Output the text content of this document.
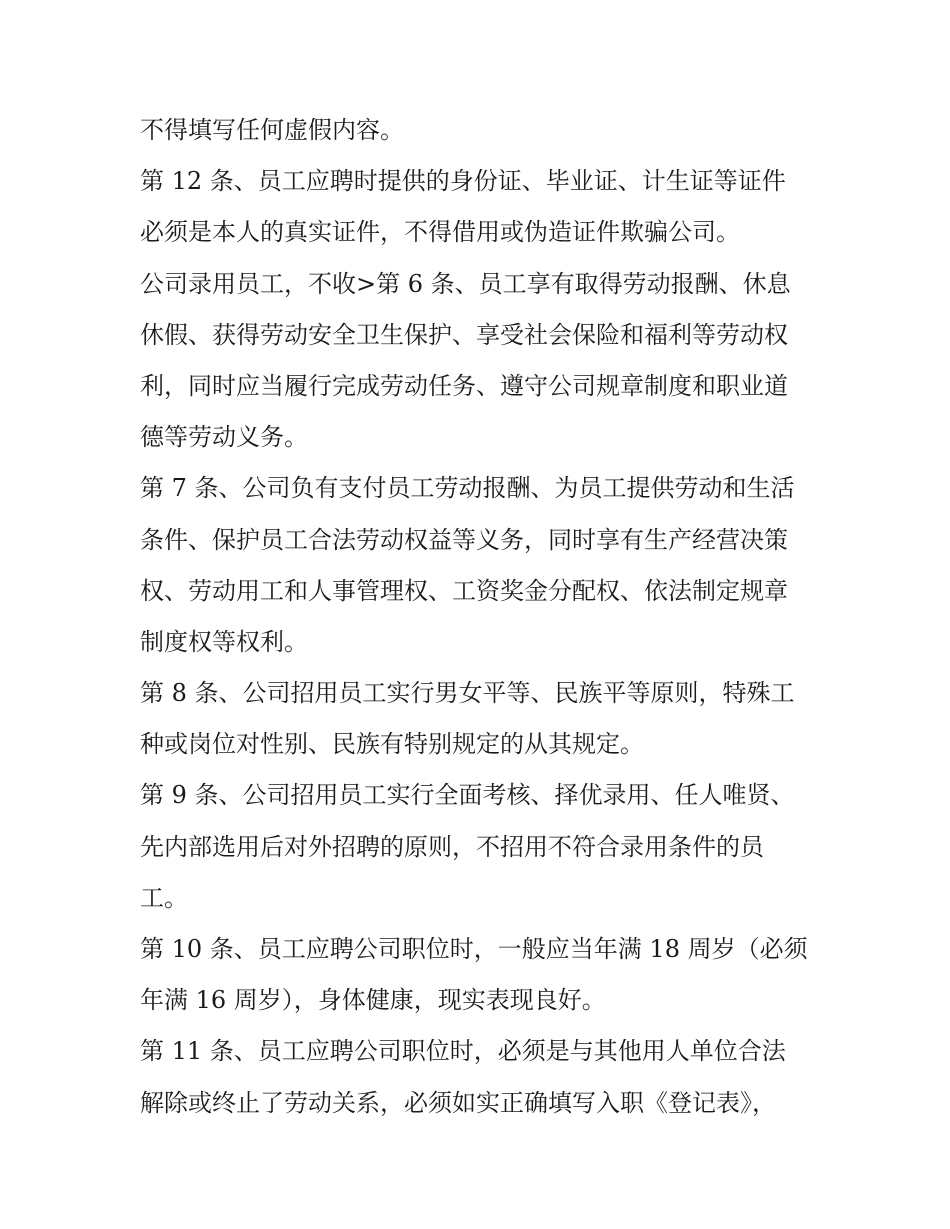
不得填写任何虚假内容。
第 12 条、员工应聘时提供的身份证、毕业证、计生证等证件
必须是本人的真实证件，不得借用或伪造证件欺骗公司。
公司录用员工，不收>第 6 条、员工享有取得劳动报酬、休息
休假、获得劳动安全卫生保护、享受社会保险和福利等劳动权
利，同时应当履行完成劳动任务、遵守公司规章制度和职业道
德等劳动义务。
第 7 条、公司负有支付员工劳动报酬、为员工提供劳动和生活
条件、保护员工合法劳动权益等义务，同时享有生产经营决策
权、劳动用工和人事管理权、工资奖金分配权、依法制定规章
制度权等权利。
第 8 条、公司招用员工实行男女平等、民族平等原则，特殊工
种或岗位对性别、民族有特别规定的从其规定。
第 9 条、公司招用员工实行全面考核、择优录用、任人唯贤、
先内部选用后对外招聘的原则，不招用不符合录用条件的员
工。
第 10 条、员工应聘公司职位时，一般应当年满 18 周岁（必须
年满 16 周岁），身体健康，现实表现良好。
第 11 条、员工应聘公司职位时，必须是与其他用人单位合法
解除或终止了劳动关系，必须如实正确填写入职《登记表》，
